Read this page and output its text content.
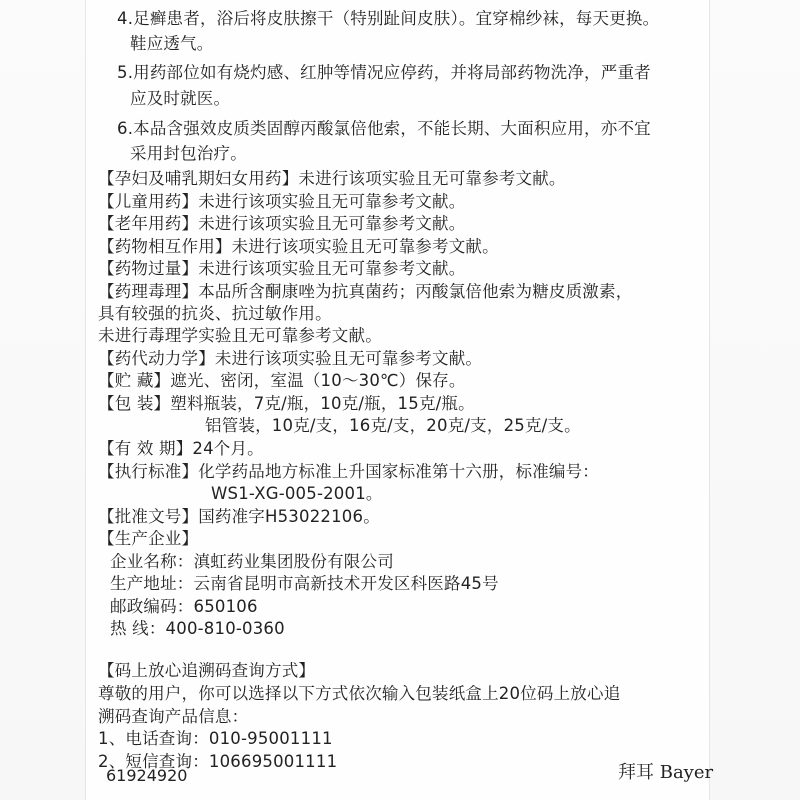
4.足癣患者，浴后将皮肤擦干（特别趾间皮肤）。宜穿棉纱袜，每天更换。
鞋应透气。
5.用药部位如有烧灼感、红肿等情况应停药，并将局部药物洗净，严重者
应及时就医。
6.本品含强效皮质类固醇丙酸氯倍他索，不能长期、大面积应用，亦不宜
采用封包治疗。
【孕妇及哺乳期妇女用药】未进行该项实验且无可靠参考文献。
【儿童用药】未进行该项实验且无可靠参考文献。
【老年用药】未进行该项实验且无可靠参考文献。
【药物相互作用】未进行该项实验且无可靠参考文献。
【药物过量】未进行该项实验且无可靠参考文献。
【药理毒理】本品所含酮康唑为抗真菌药；丙酸氯倍他索为糖皮质激素，
具有较强的抗炎、抗过敏作用。
未进行毒理学实验且无可靠参考文献。
【药代动力学】未进行该项实验且无可靠参考文献。
【贮 藏】遮光、密闭，室温（10～30℃）保存。
【包 装】塑料瓶装，7克/瓶，10克/瓶，15克/瓶。
铝管装，10克/支，16克/支，20克/支，25克/支。
【有 效 期】24个月。
【执行标准】化学药品地方标准上升国家标准第十六册，标准编号：
WS1-XG-005-2001。
【批准文号】国药准字H53022106。
【生产企业】
企业名称：滇虹药业集团股份有限公司
生产地址：云南省昆明市高新技术开发区科医路45号
邮政编码：650106
热 线：400-810-0360
【码上放心追溯码查询方式】
尊敬的用户，你可以选择以下方式依次输入包装纸盒上20位码上放心追
溯码查询产品信息：
1、电话查询：010-95001111
2、短信查询：106695001111
61924920	拜耳 Bayer
